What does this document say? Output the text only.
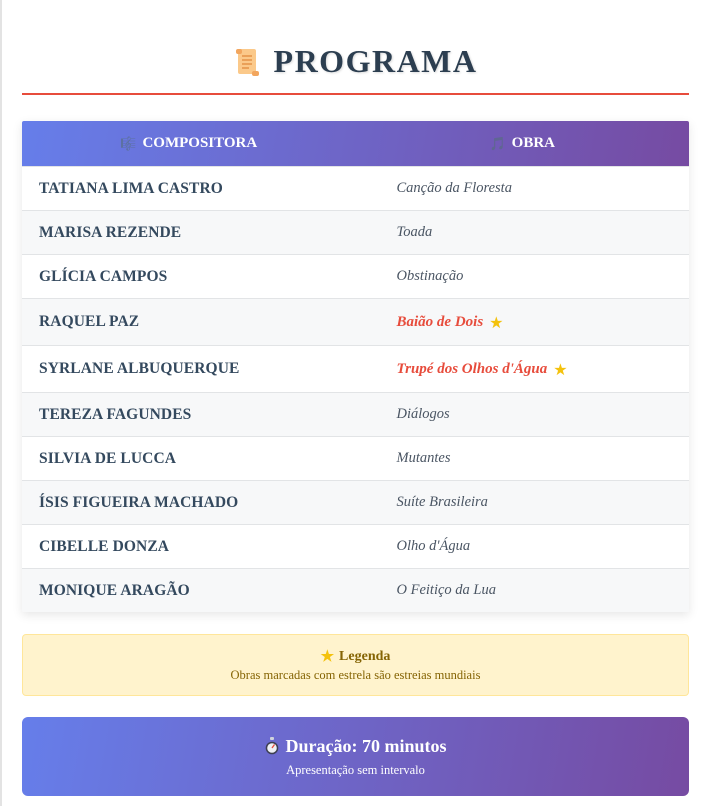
PROGRAMA
🎼 COMPOSITORA	🎵 OBRA
TATIANA LIMA CASTRO	Canção da Floresta
MARISA REZENDE	Toada
GLÍCIA CAMPOS	Obstinação
RAQUEL PAZ	Baião de Dois ★
SYRLANE ALBUQUERQUE	Trupé dos Olhos d'Água ★
TEREZA FAGUNDES	Diálogos
SILVIA DE LUCCA	Mutantes
ÍSIS FIGUEIRA MACHADO	Suíte Brasileira
CIBELLE DONZA	Olho d'Água
MONIQUE ARAGÃO	O Feitiço da Lua
★ Legenda
Obras marcadas com estrela são estreias mundiais
Duração: 70 minutos
Apresentação sem intervalo
